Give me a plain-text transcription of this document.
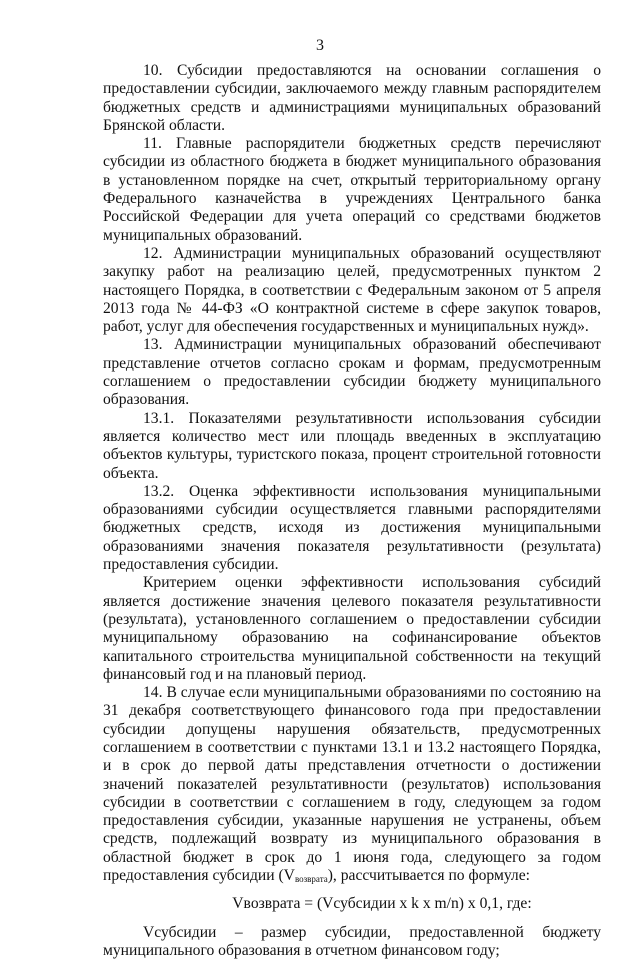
3

10. Субсидии предоставляются на основании соглашения о предоставлении субсидии, заключаемого между главным распорядителем бюджетных средств и администрациями муниципальных образований Брянской области.

11. Главные распорядители бюджетных средств перечисляют субсидии из областного бюджета в бюджет муниципального образования в установленном порядке на счет, открытый территориальному органу Федерального казначейства в учреждениях Центрального банка Российской Федерации для учета операций со средствами бюджетов муниципальных образований.

12. Администрации муниципальных образований осуществляют закупку работ на реализацию целей, предусмотренных пунктом 2 настоящего Порядка, в соответствии с Федеральным законом от 5 апреля 2013 года № 44-ФЗ «О контрактной системе в сфере закупок товаров, работ, услуг для обеспечения государственных и муниципальных нужд».

13. Администрации муниципальных образований обеспечивают представление отчетов согласно срокам и формам, предусмотренным соглашением о предоставлении субсидии бюджету муниципального образования.

13.1. Показателями результативности использования субсидии является количество мест или площадь введенных в эксплуатацию объектов культуры, туристского показа, процент строительной готовности объекта.

13.2. Оценка эффективности использования муниципальными образованиями субсидии осуществляется главными распорядителями бюджетных средств, исходя из достижения муниципальными образованиями значения показателя результативности (результата) предоставления субсидии.

Критерием оценки эффективности использования субсидий является достижение значения целевого показателя результативности (результата), установленного соглашением о предоставлении субсидии муниципальному образованию на софинансирование объектов капитального строительства муниципальной собственности на текущий финансовый год и на плановый период.

14. В случае если муниципальными образованиями по состоянию на 31 декабря соответствующего финансового года при предоставлении субсидии допущены нарушения обязательств, предусмотренных соглашением в соответствии с пунктами 13.1 и 13.2 настоящего Порядка, и в срок до первой даты представления отчетности о достижении значений показателей результативности (результатов) использования субсидии в соответствии с соглашением в году, следующем за годом предоставления субсидии, указанные нарушения не устранены, объем средств, подлежащий возврату из муниципального образования в областной бюджет в срок до 1 июня года, следующего за годом предоставления субсидии $(V_{возврата})$, рассчитывается по формуле:

Vвозврата = (Vсубсидии x k x m/n) x 0,1, где:

Vсубсидии – размер субсидии, предоставленной бюджету муниципального образования в отчетном финансовом году;
